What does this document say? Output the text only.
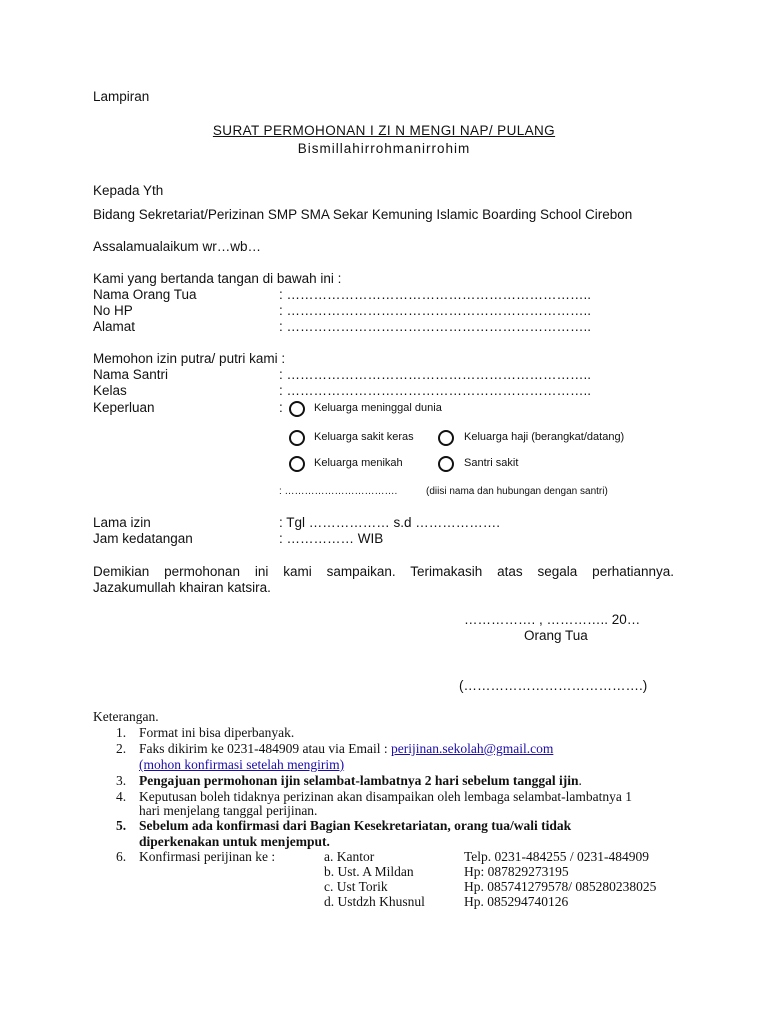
Lampiran
SURAT PERMOHONAN I ZI N MENGI NAP/ PULANG
Bismillahirrohmanirrohim
Kepada Yth
Bidang Sekretariat/Perizinan SMP SMA Sekar Kemuning Islamic Boarding School Cirebon
Assalamualaikum wr…wb…
Kami yang bertanda tangan di bawah ini :
Nama Orang Tua	: …………………………………………………………..
No HP	: …………………………………………………………..
Alamat	: …………………………………………………………..
Memohon izin putra/ putri kami :
Nama Santri	: …………………………………………………………..
Kelas	: …………………………………………………………..
Keperluan	:	Keluarga meninggal dunia
Keluarga sakit keras	Keluarga haji (berangkat/datang)
Keluarga menikah	Santri sakit
: …………………………….	(diisi nama dan hubungan dengan santri)
Lama izin	: Tgl ……………… s.d ……………….
Jam kedatangan	: …………… WIB
Demikian permohonan ini kami sampaikan. Terimakasih atas segala perhatiannya.
Jazakumullah khairan katsira.
……………. , ………….. 20…
Orang Tua
(………………………………….)
Keterangan.
1. Format ini bisa diperbanyak.
2. Faks dikirim ke 0231-484909 atau via Email : perijinan.sekolah@gmail.com
(mohon konfirmasi setelah mengirim)
3. Pengajuan permohonan ijin selambat-lambatnya 2 hari sebelum tanggal ijin.
4. Keputusan boleh tidaknya perizinan akan disampaikan oleh lembaga selambat-lambatnya 1
hari menjelang tanggal perijinan.
5. Sebelum ada konfirmasi dari Bagian Kesekretariatan, orang tua/wali tidak
diperkenakan untuk menjemput.
6. Konfirmasi perijinan ke :	a. Kantor	Telp. 0231-484255 / 0231-484909
b. Ust. A Mildan	Hp: 087829273195
c. Ust Torik	Hp. 085741279578/ 085280238025
d. Ustdzh Khusnul	Hp. 085294740126
